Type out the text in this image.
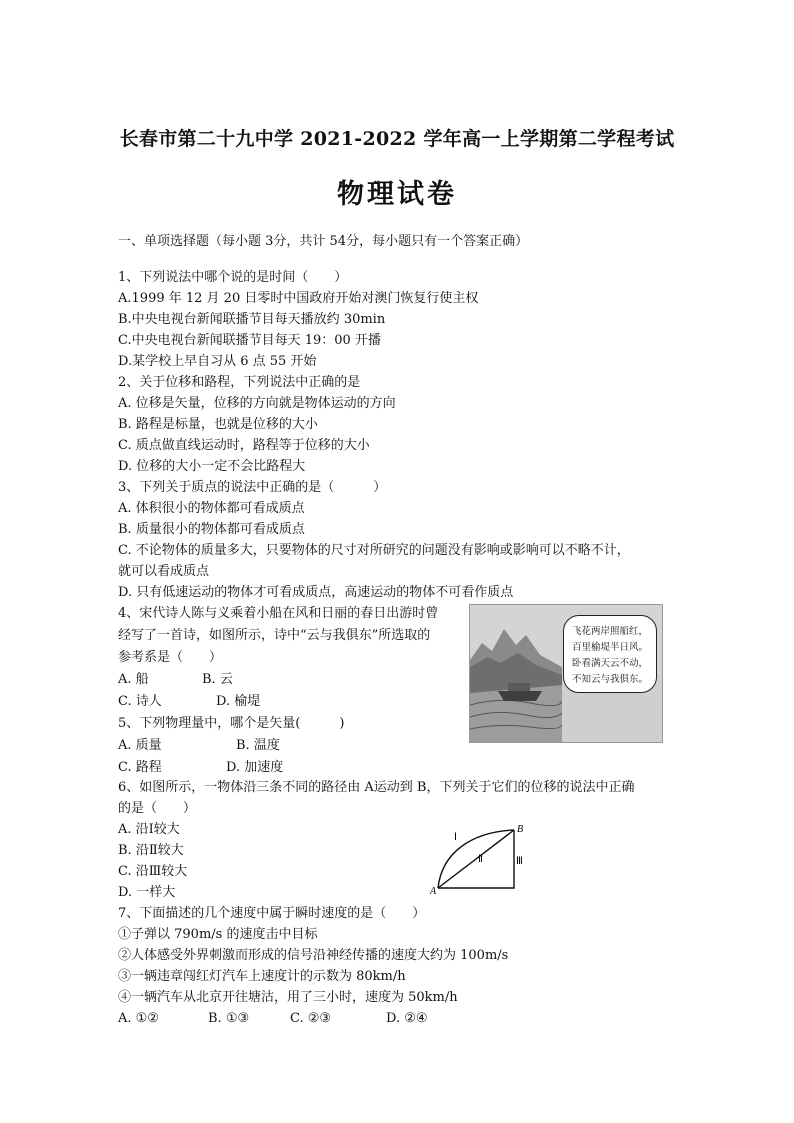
长春市第二十九中学 2021-2022 学年高一上学期第二学程考试
物理试卷
一、单项选择题（每小题 3分，共计 54分，每小题只有一个答案正确）
1、下列说法中哪个说的是时间（　　）
A.1999 年 12 月 20 日零时中国政府开始对澳门恢复行使主权
B.中央电视台新闻联播节目每天播放约 30min
C.中央电视台新闻联播节目每天 19：00 开播
D.某学校上早自习从 6 点 55 开始
2、关于位移和路程，下列说法中正确的是
A. 位移是矢量，位移的方向就是物体运动的方向
B. 路程是标量，也就是位移的大小
C. 质点做直线运动时，路程等于位移的大小
D. 位移的大小一定不会比路程大
3、下列关于质点的说法中正确的是（　　　）
A. 体积很小的物体都可看成质点
B. 质量很小的物体都可看成质点
C. 不论物体的质量多大，只要物体的尺寸对所研究的问题没有影响或影响可以不略不计，
就可以看成质点
D. 只有低速运动的物体才可看成质点，高速运动的物体不可看作质点
4、宋代诗人陈与义乘着小船在风和日丽的春日出游时曾
经写了一首诗，如图所示，诗中“云与我俱东”所选取的
参考系是（　　）
A. 船	B. 云
C. 诗人	D. 榆堤
飞花两岸照船红，
百里榆堤半日风。
卧看满天云不动，
不知云与我俱东。
5、下列物理量中，哪个是矢量(　　　)
A. 质量	B. 温度
C. 路程	D. 加速度
6、如图所示，一物体沿三条不同的路径由 A运动到 B，下列关于它们的位移的说法中正确
的是（　　）
A. 沿Ⅰ较大
B. 沿Ⅱ较大
C. 沿Ⅲ较大
D. 一样大	A
B
Ⅰ
Ⅱ	Ⅲ
7、下面描述的几个速度中属于瞬时速度的是（　　）
①子弹以 790m/s 的速度击中目标
②人体感受外界刺激而形成的信号沿神经传播的速度大约为 100m/s
③一辆违章闯红灯汽车上速度计的示数为 80km/h
④一辆汽车从北京开往塘沽，用了三小时，速度为 50km/h
A. ①②	B. ①③	C. ②③	D. ②④
